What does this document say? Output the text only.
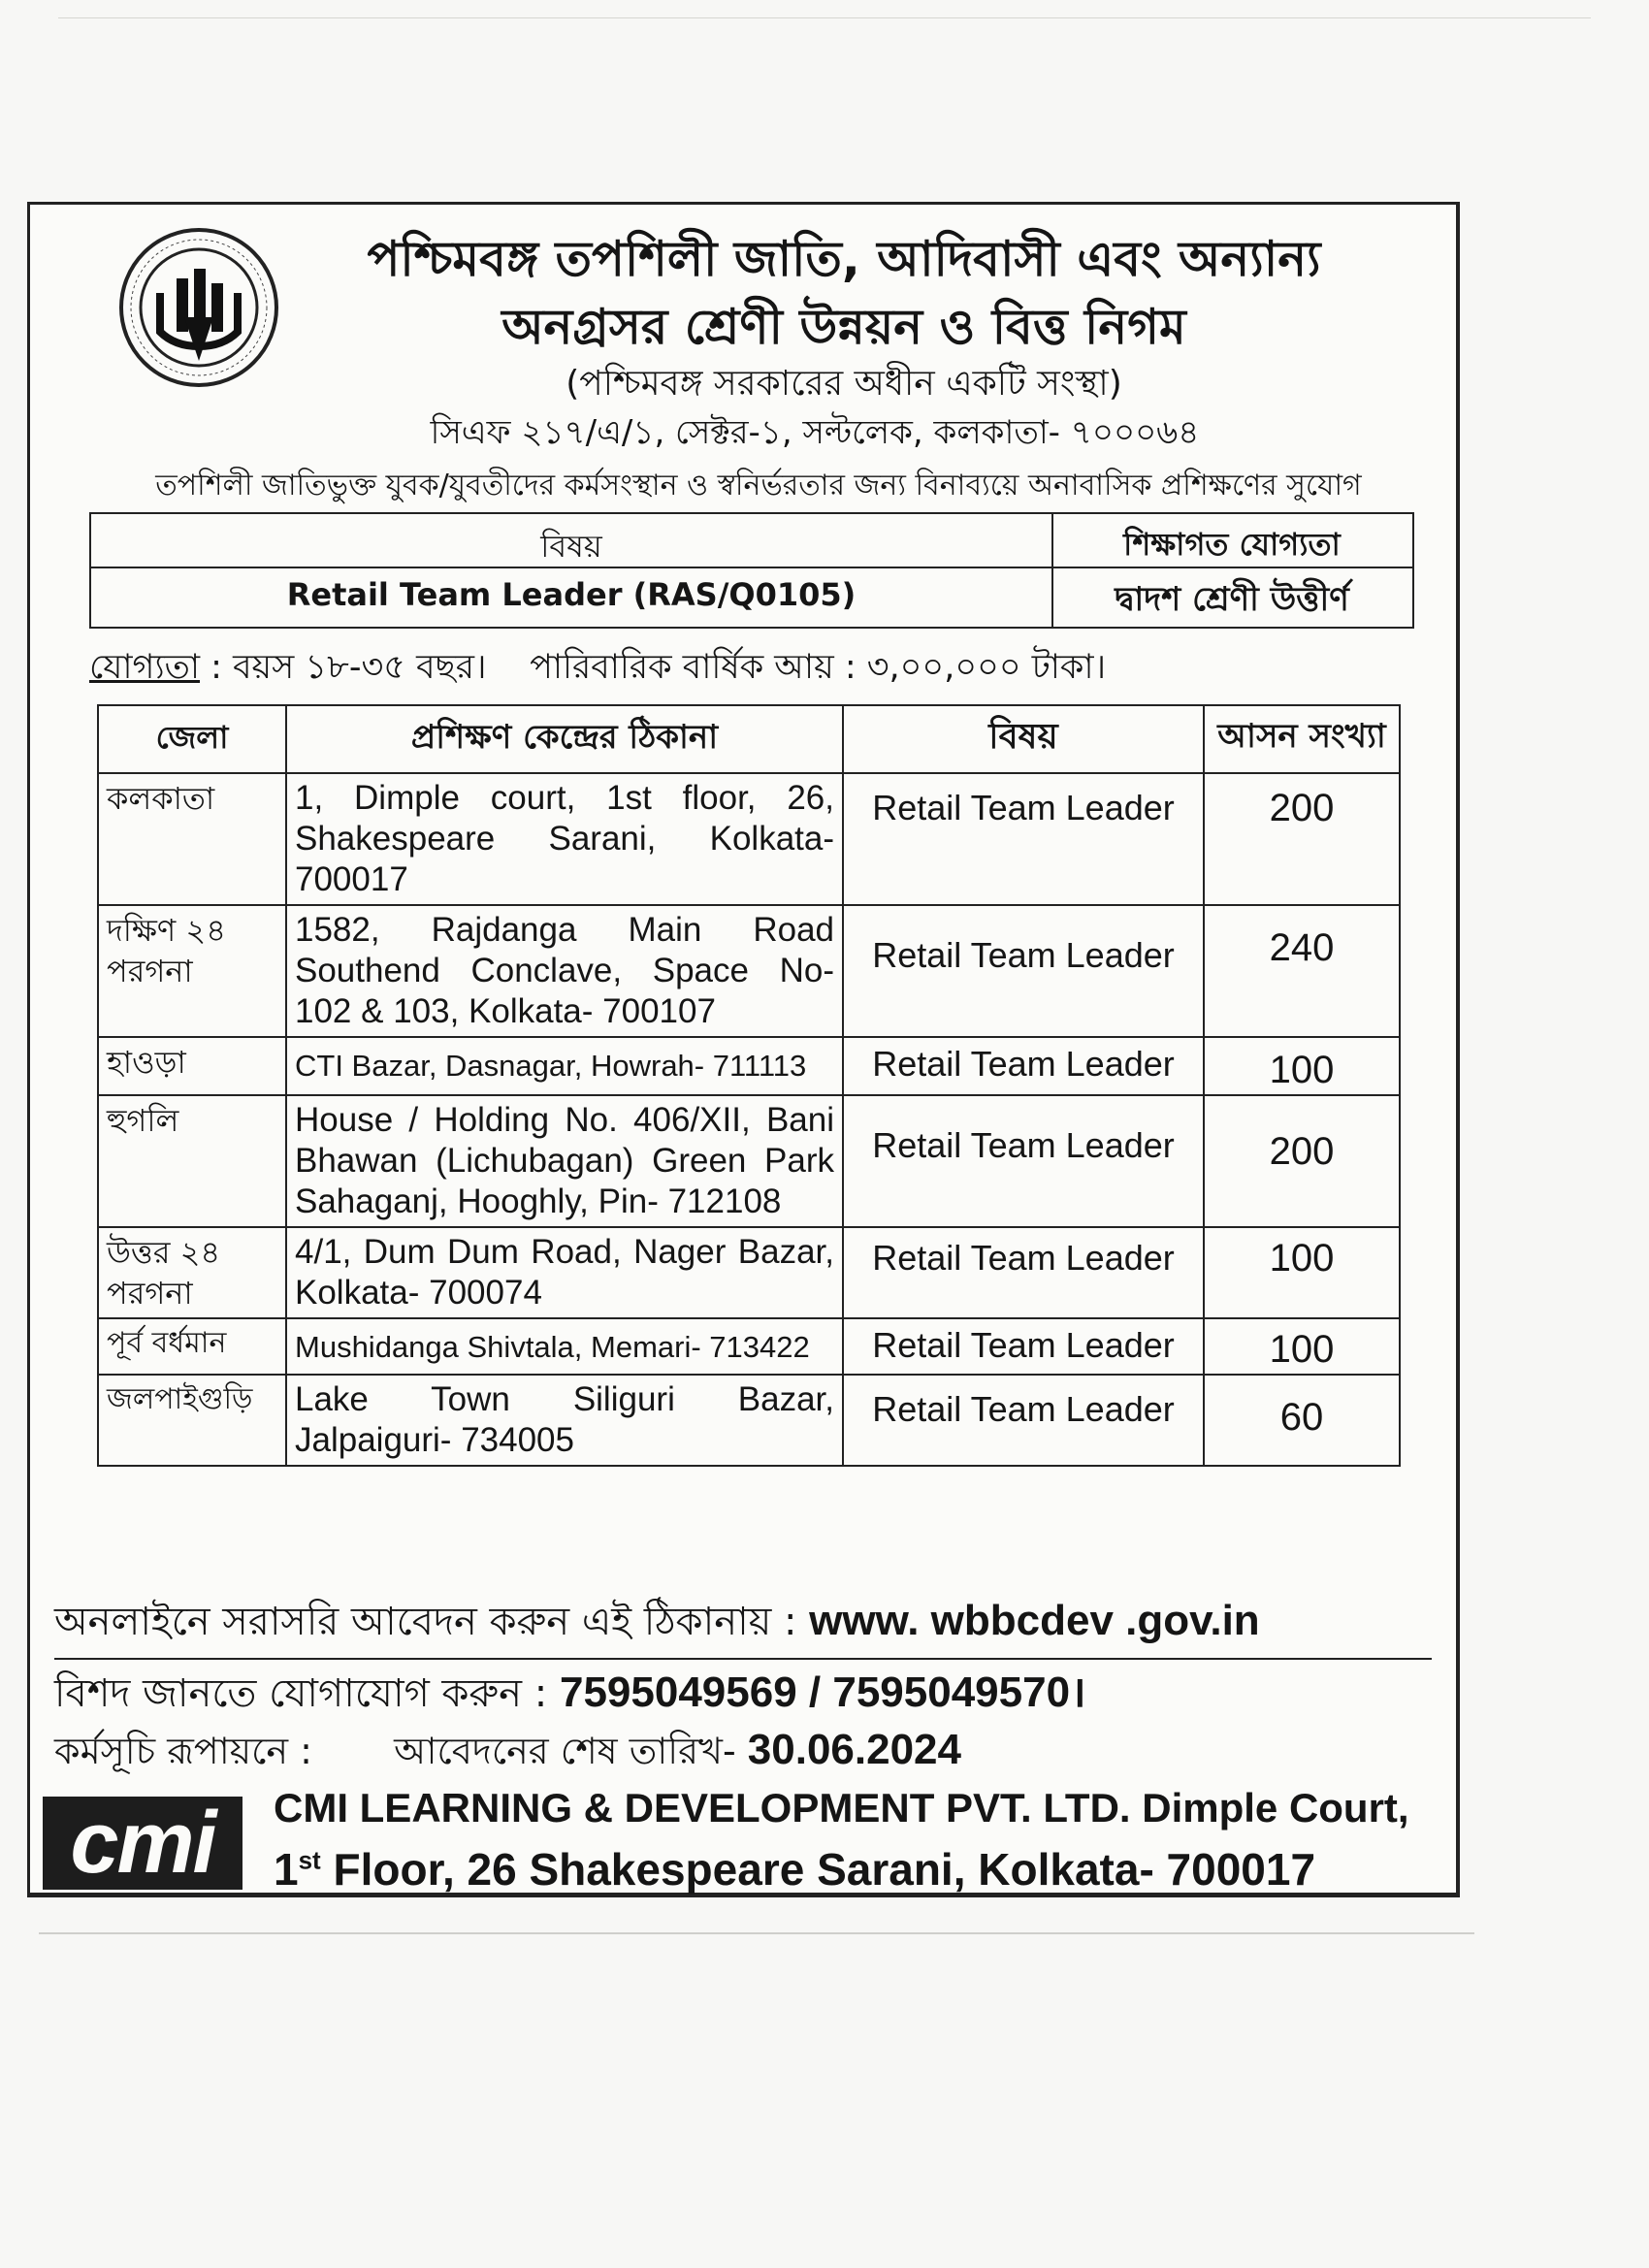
পশ্চিমবঙ্গ তপশিলী জাতি, আদিবাসী এবং অন্যান্য
অনগ্রসর শ্রেণী উন্নয়ন ও বিত্ত নিগম
(পশ্চিমবঙ্গ সরকারের অধীন একটি সংস্থা)
সিএফ ২১৭/এ/১, সেক্টর-১, সল্টলেক, কলকাতা- ৭০০০৬৪
তপশিলী জাতিভুক্ত যুবক/যুবতীদের কর্মসংস্থান ও স্বনির্ভরতার জন্য বিনাব্যয়ে অনাবাসিক প্রশিক্ষণের সুযোগ
বিষয়	শিক্ষাগত যোগ্যতা
Retail Team Leader (RAS/Q0105)	দ্বাদশ শ্রেণী উত্তীর্ণ
যোগ্যতা : বয়স ১৮-৩৫ বছর। পারিবারিক বার্ষিক আয় : ৩,০০,০০০ টাকা।
জেলা	প্রশিক্ষণ কেন্দ্রের ঠিকানা	বিষয়	আসন সংখ্যা
কলকাতা	1, Dimple court, 1st floor, 26, Shakespeare Sarani, Kolkata- 700017	Retail Team Leader	200
দক্ষিণ ২৪ পরগনা	1582, Rajdanga Main Road Southend Conclave, Space No- 102 & 103, Kolkata- 700107	Retail Team Leader	240
হাওড়া	CTI Bazar, Dasnagar, Howrah- 711113	Retail Team Leader	100
হুগলি	House / Holding No. 406/XII, Bani Bhawan (Lichubagan) Green Park Sahaganj, Hooghly, Pin- 712108	Retail Team Leader	200
উত্তর ২৪ পরগনা	4/1, Dum Dum Road, Nager Bazar, Kolkata- 700074	Retail Team Leader	100
পূর্ব বর্ধমান	Mushidanga Shivtala, Memari- 713422	Retail Team Leader	100
জলপাইগুড়ি	Lake Town Siliguri Bazar, Jalpaiguri- 734005	Retail Team Leader	60
অনলাইনে সরাসরি আবেদন করুন এই ঠিকানায় : www. wbbcdev .gov.in
বিশদ জানতে যোগাযোগ করুন : 7595049569 / 7595049570।
কর্মসূচি রূপায়নে : আবেদনের শেষ তারিখ- 30.06.2024
cmi	CMI LEARNING & DEVELOPMENT PVT. LTD. Dimple Court,
1st Floor, 26 Shakespeare Sarani, Kolkata- 700017
